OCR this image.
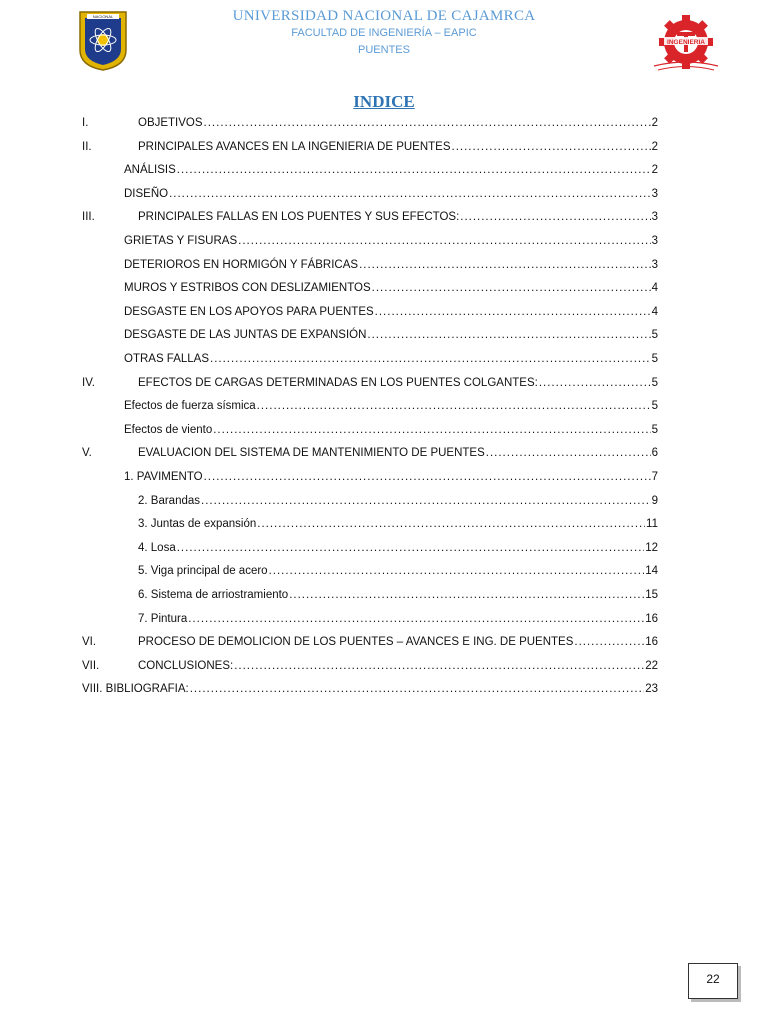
NACIONAL	UNIVERSIDAD NACIONAL DE CAJAMRCA
FACULTAD DE INGENIERÍA – EAPIC
PUENTES
INGENIERIA
INDICE
I.	OBJETIVOS .....	2
II.	PRINCIPALES AVANCES EN LA INGENIERIA DE PUENTES .....	2
ANÁLISIS .....	2
DISEÑO .....	3
III.	PRINCIPALES FALLAS EN LOS PUENTES Y SUS EFECTOS: .....	3
GRIETAS Y FISURAS .....	3
DETERIOROS EN HORMIGÓN Y FÁBRICAS .....	3
MUROS Y ESTRIBOS CON DESLIZAMIENTOS .....	4
DESGASTE EN LOS APOYOS PARA PUENTES .....	4
DESGASTE DE LAS JUNTAS DE EXPANSIÓN .....	5
OTRAS FALLAS .....	5
IV.	EFECTOS DE CARGAS DETERMINADAS EN LOS PUENTES COLGANTES: .....	5
Efectos de fuerza sísmica .....	5
Efectos de viento .....	5
V.	EVALUACION DEL SISTEMA DE MANTENIMIENTO DE PUENTES .....	6
1. PAVIMENTO .....	7
2. Barandas .....	9
3. Juntas de expansión .....	11
4. Losa .....	12
5. Viga principal de acero .....	14
6. Sistema de arriostramiento .....	15
7. Pintura .....	16
VI.	PROCESO DE DEMOLICION DE LOS PUENTES – AVANCES E ING. DE PUENTES .....	16
VII.	CONCLUSIONES: .....	22
VIII. BIBLIOGRAFIA: .....	23
22
